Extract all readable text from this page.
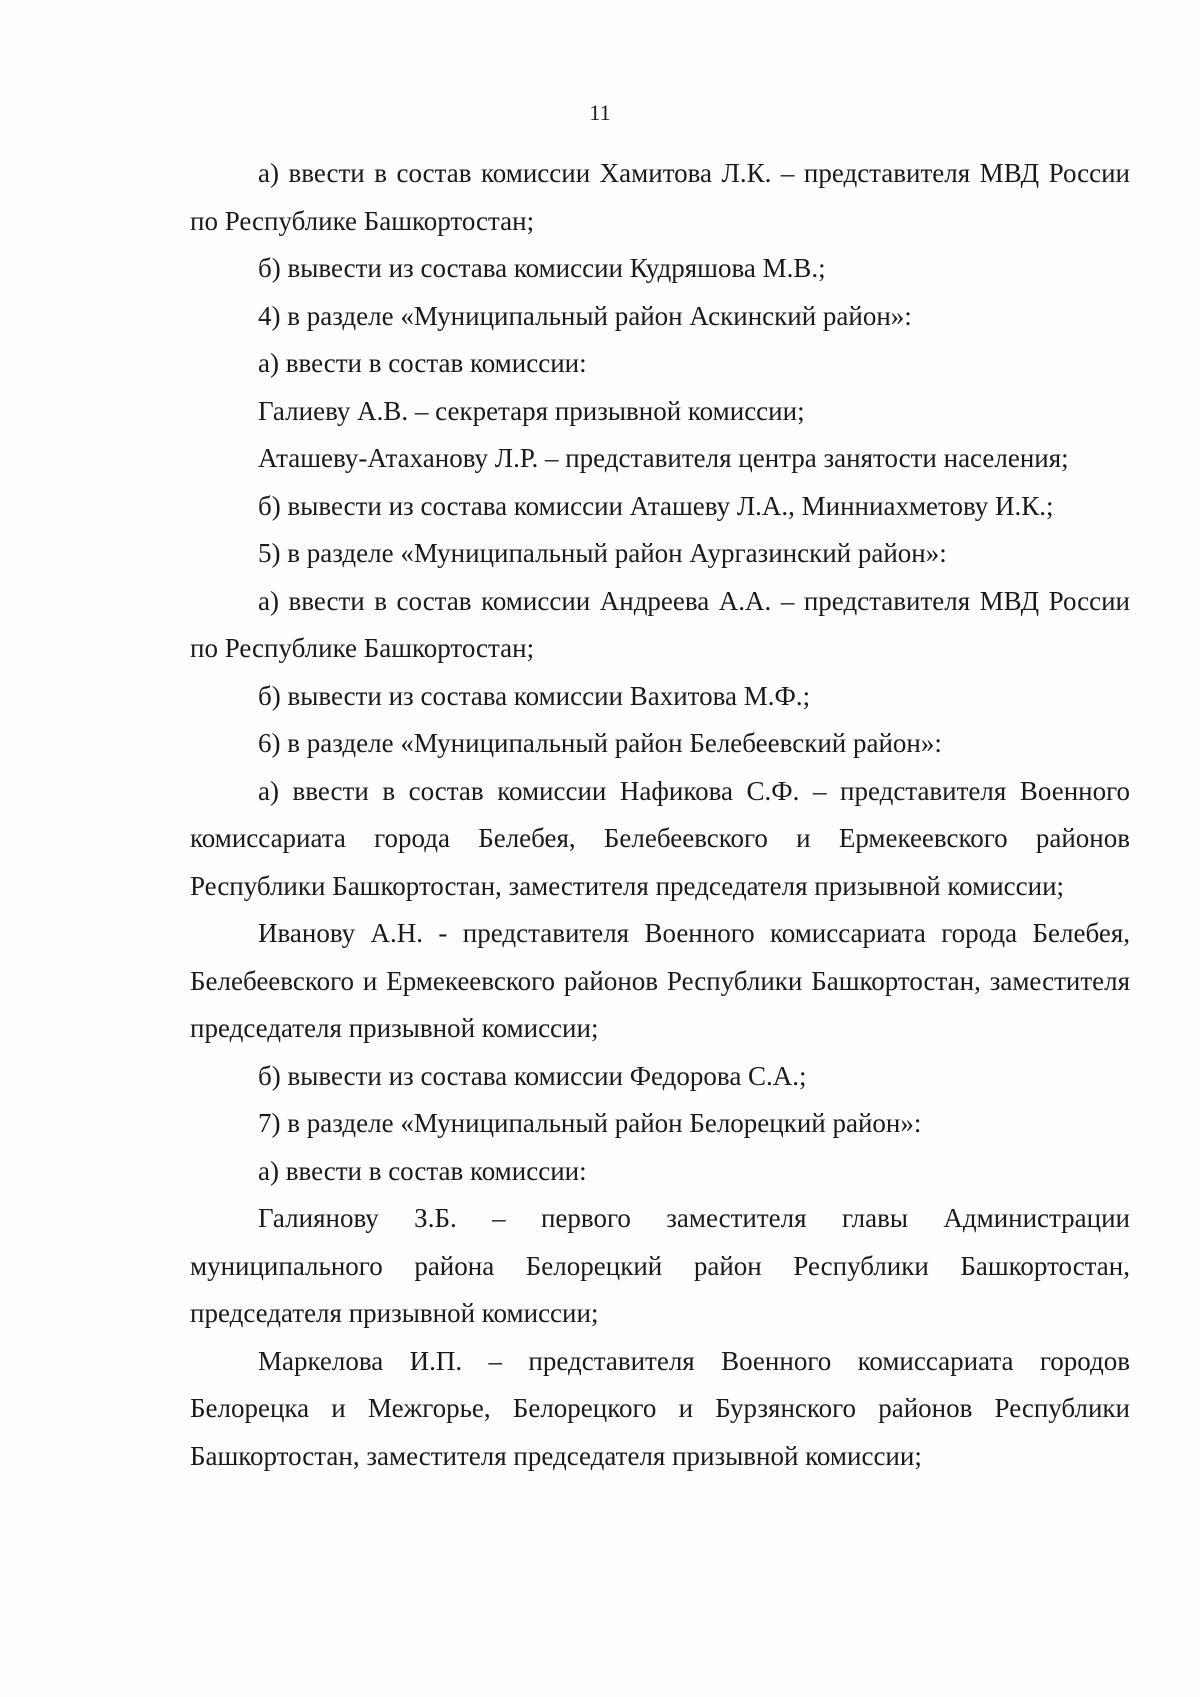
11

а) ввести в состав комиссии Хамитова Л.К. – представителя МВД России по Республике Башкортостан;

б) вывести из состава комиссии Кудряшова М.В.;

4) в разделе «Муниципальный район Аскинский район»:

а) ввести в состав комиссии:

Галиеву А.В. – секретаря призывной комиссии;

Аташеву-Атаханову Л.Р. – представителя центра занятости населения;

б) вывести из состава комиссии Аташеву Л.А., Минниахметову И.К.;

5) в разделе «Муниципальный район Аургазинский район»:

а) ввести в состав комиссии Андреева А.А. – представителя МВД России по Республике Башкортостан;

б) вывести из состава комиссии Вахитова М.Ф.;

6) в разделе «Муниципальный район Белебеевский район»:

а) ввести в состав комиссии Нафикова С.Ф. – представителя Военного комиссариата города Белебея, Белебеевского и Ермекеевского районов Республики Башкортостан, заместителя председателя призывной комиссии;

Иванову А.Н. - представителя Военного комиссариата города Белебея, Белебеевского и Ермекеевского районов Республики Башкортостан, заместителя председателя призывной комиссии;

б) вывести из состава комиссии Федорова С.А.;

7) в разделе «Муниципальный район Белорецкий район»:

а) ввести в состав комиссии:

Галиянову З.Б. – первого заместителя главы Администрации муниципального района Белорецкий район Республики Башкортостан, председателя призывной комиссии;

Маркелова И.П. – представителя Военного комиссариата городов Белорецка и Межгорье, Белорецкого и Бурзянского районов Республики Башкортостан, заместителя председателя призывной комиссии;
